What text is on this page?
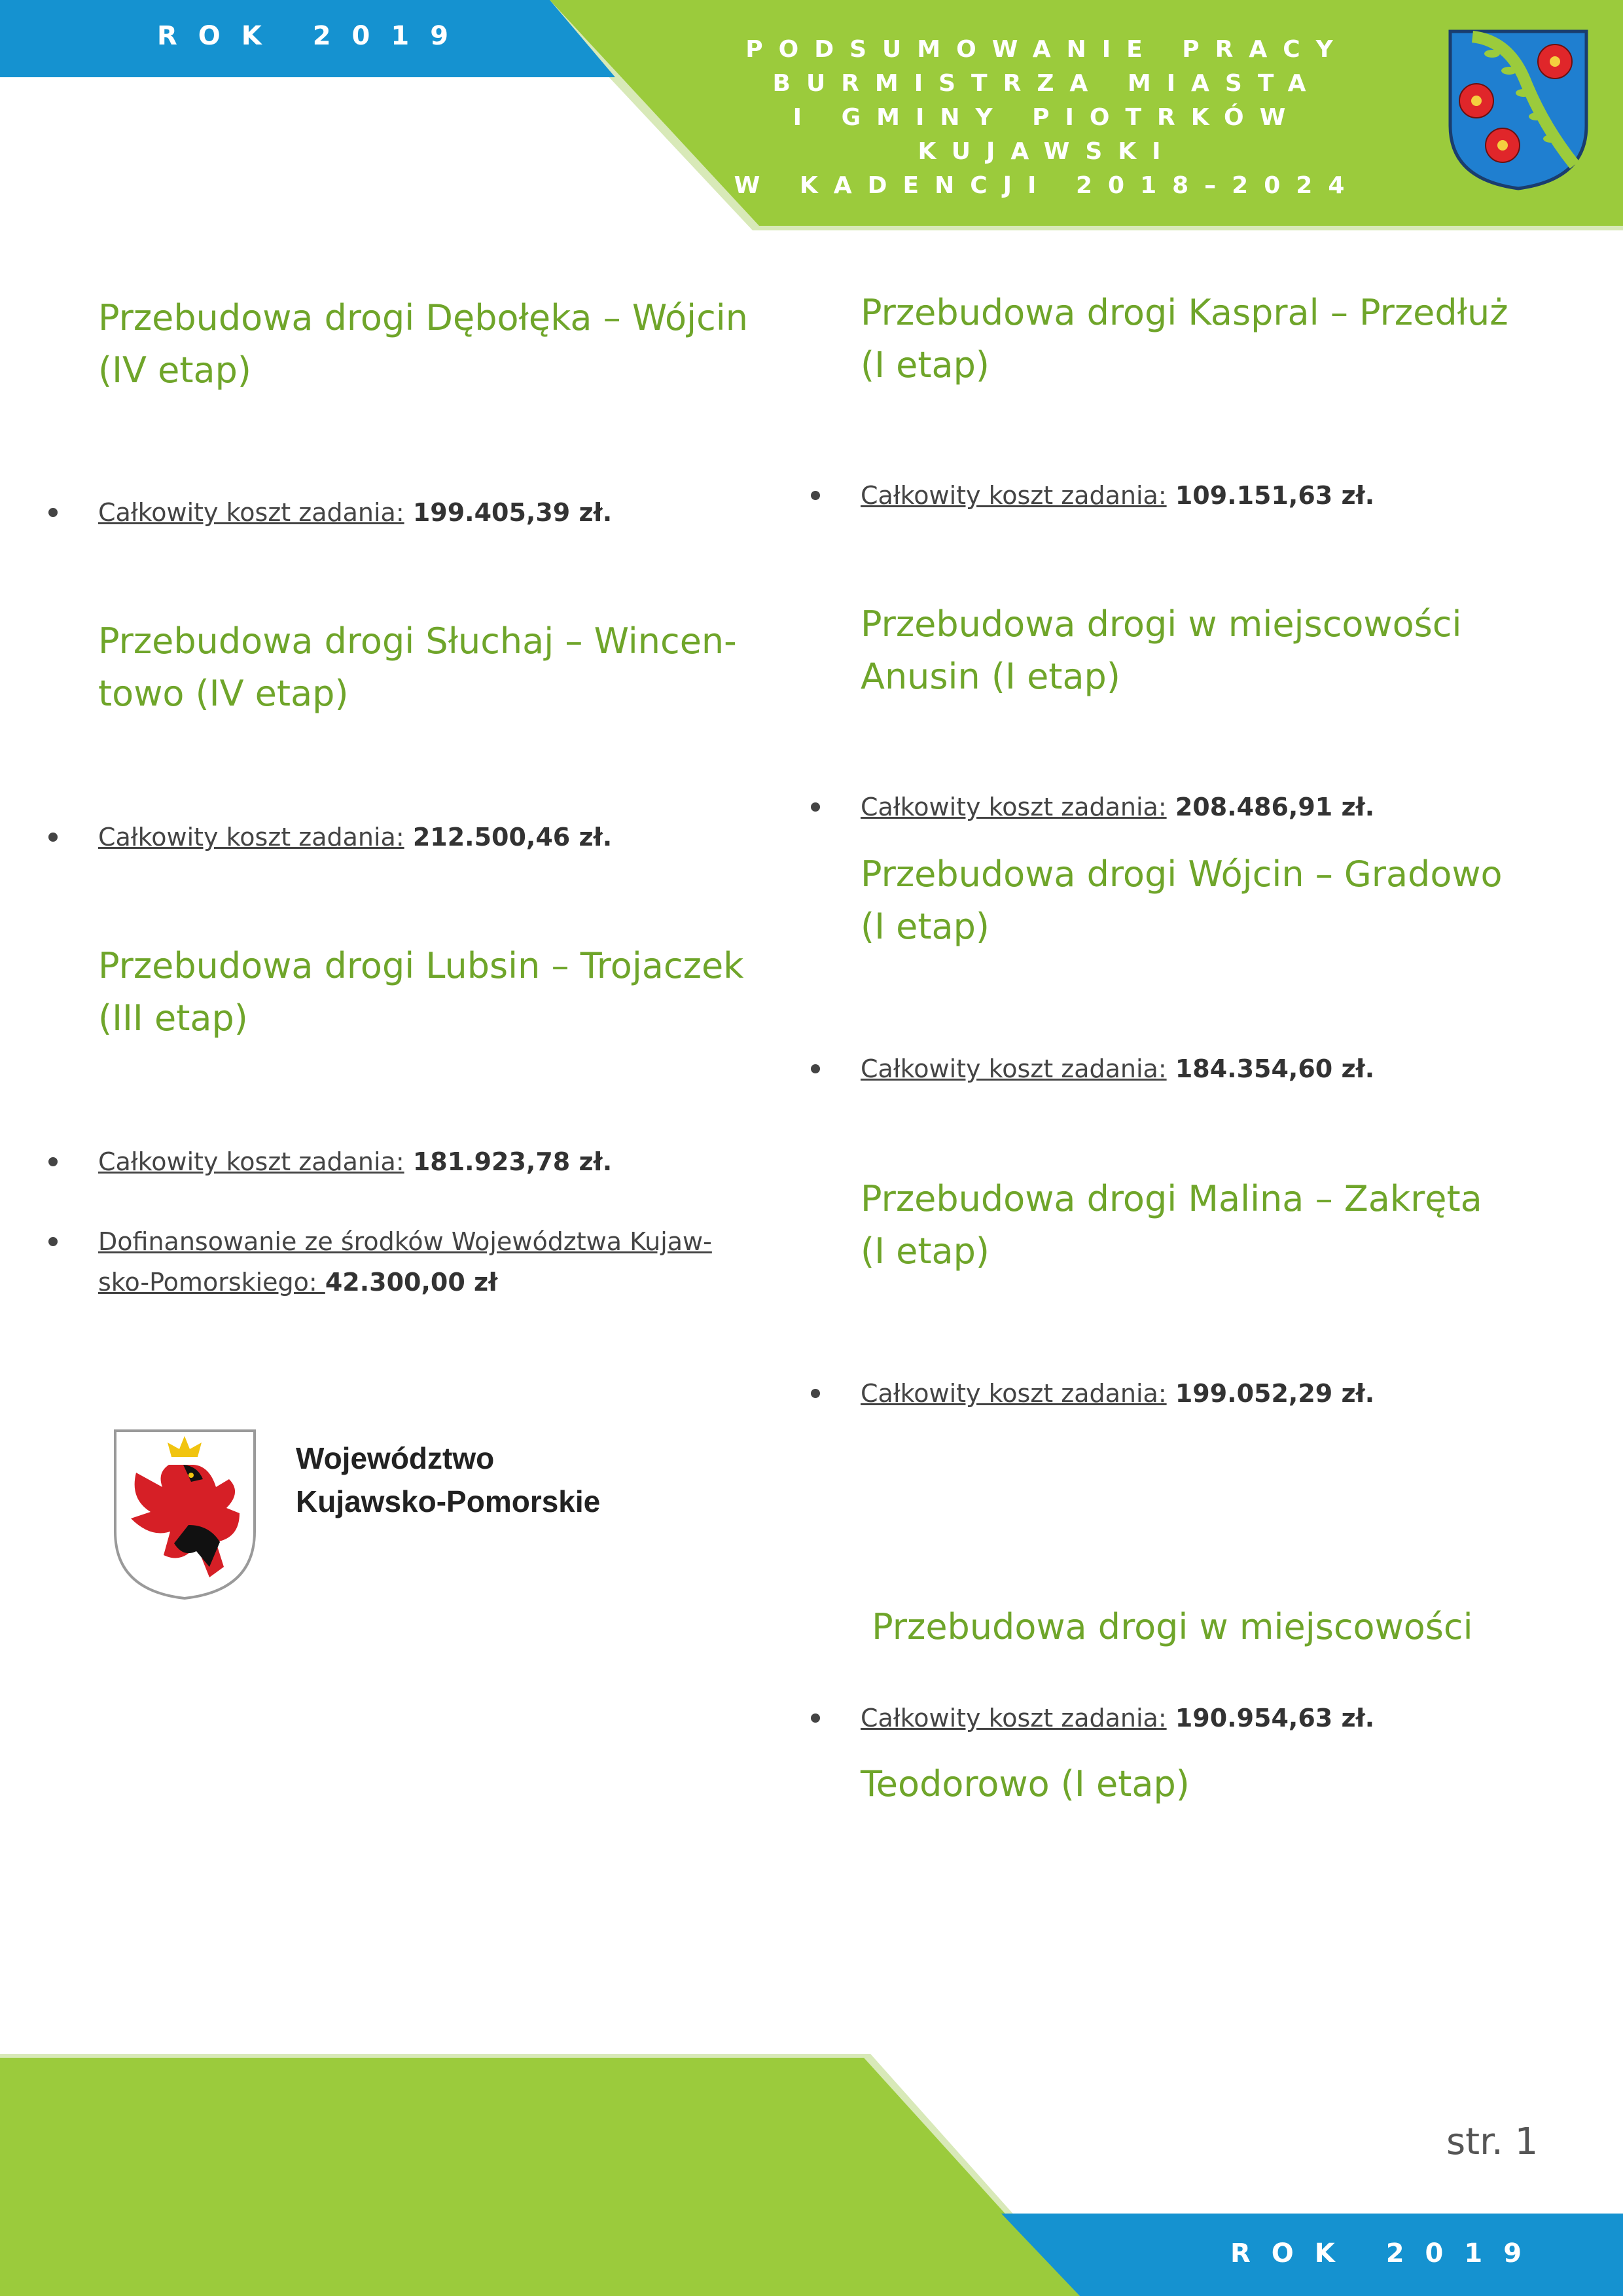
ROK 2019	PODSUMOWANIE PRACY
BURMISTRZA MIASTA
I GMINY PIOTRKÓW
KUJAWSKI
W KADENCJI 2018–2024
Przebudowa drogi Dębołęka – Wójcin
(IV etap)
Całkowity koszt zadania: 199.405,39 zł.
Przebudowa drogi Słuchaj – Wincen-
towo (IV etap)
Całkowity koszt zadania: 212.500,46 zł.
Przebudowa drogi Lubsin – Trojaczek
(III etap)
Całkowity koszt zadania: 181.923,78 zł.
Dofinansowanie ze środków Województwa Kujaw-
sko-Pomorskiego: 42.300,00 zł
Województwo
Kujawsko-Pomorskie
Przebudowa drogi Kaspral – Przedłuż
(I etap)
Całkowity koszt zadania: 109.151,63 zł.
Przebudowa drogi w miejscowości
Anusin (I etap)
Całkowity koszt zadania: 208.486,91 zł.
Przebudowa drogi Wójcin – Gradowo
(I etap)
Całkowity koszt zadania: 184.354,60 zł.
Przebudowa drogi Malina – Zakręta
(I etap)
Całkowity koszt zadania: 199.052,29 zł.

Przebudowa drogi w miejscowości

Teodorowo (I etap)

Całkowity koszt zadania: 190.954,63 zł.
str. 1
ROK 2019
